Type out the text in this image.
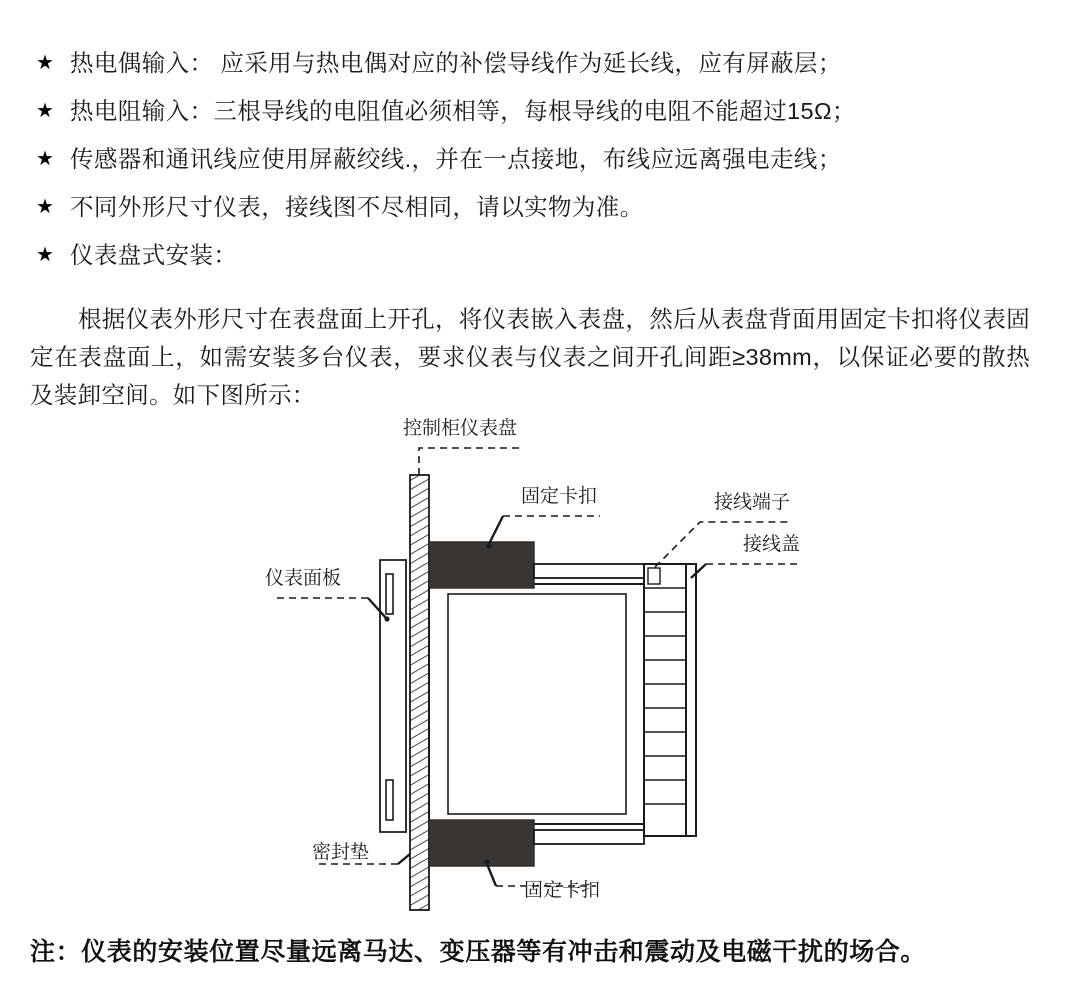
★ 热电偶输入： 应采用与热电偶对应的补偿导线作为延长线，应有屏蔽层；
★ 热电阻输入：三根导线的电阻值必须相等，每根导线的电阻不能超过15Ω；
★ 传感器和通讯线应使用屏蔽绞线.，并在一点接地，布线应远离强电走线；
★ 不同外形尺寸仪表，接线图不尽相同，请以实物为准。
★ 仪表盘式安装：
根据仪表外形尺寸在表盘面上开孔，将仪表嵌入表盘，然后从表盘背面用固定卡扣将仪表固定在表盘面上，如需安装多台仪表，要求仪表与仪表之间开孔间距≥38mm，以保证必要的散热及装卸空间。如下图所示：
控制柜仪表盘
固定卡扣	接线端子
接线盖
仪表面板
密封垫
固定卡扣
注：仪表的安装位置尽量远离马达、变压器等有冲击和震动及电磁干扰的场合。
